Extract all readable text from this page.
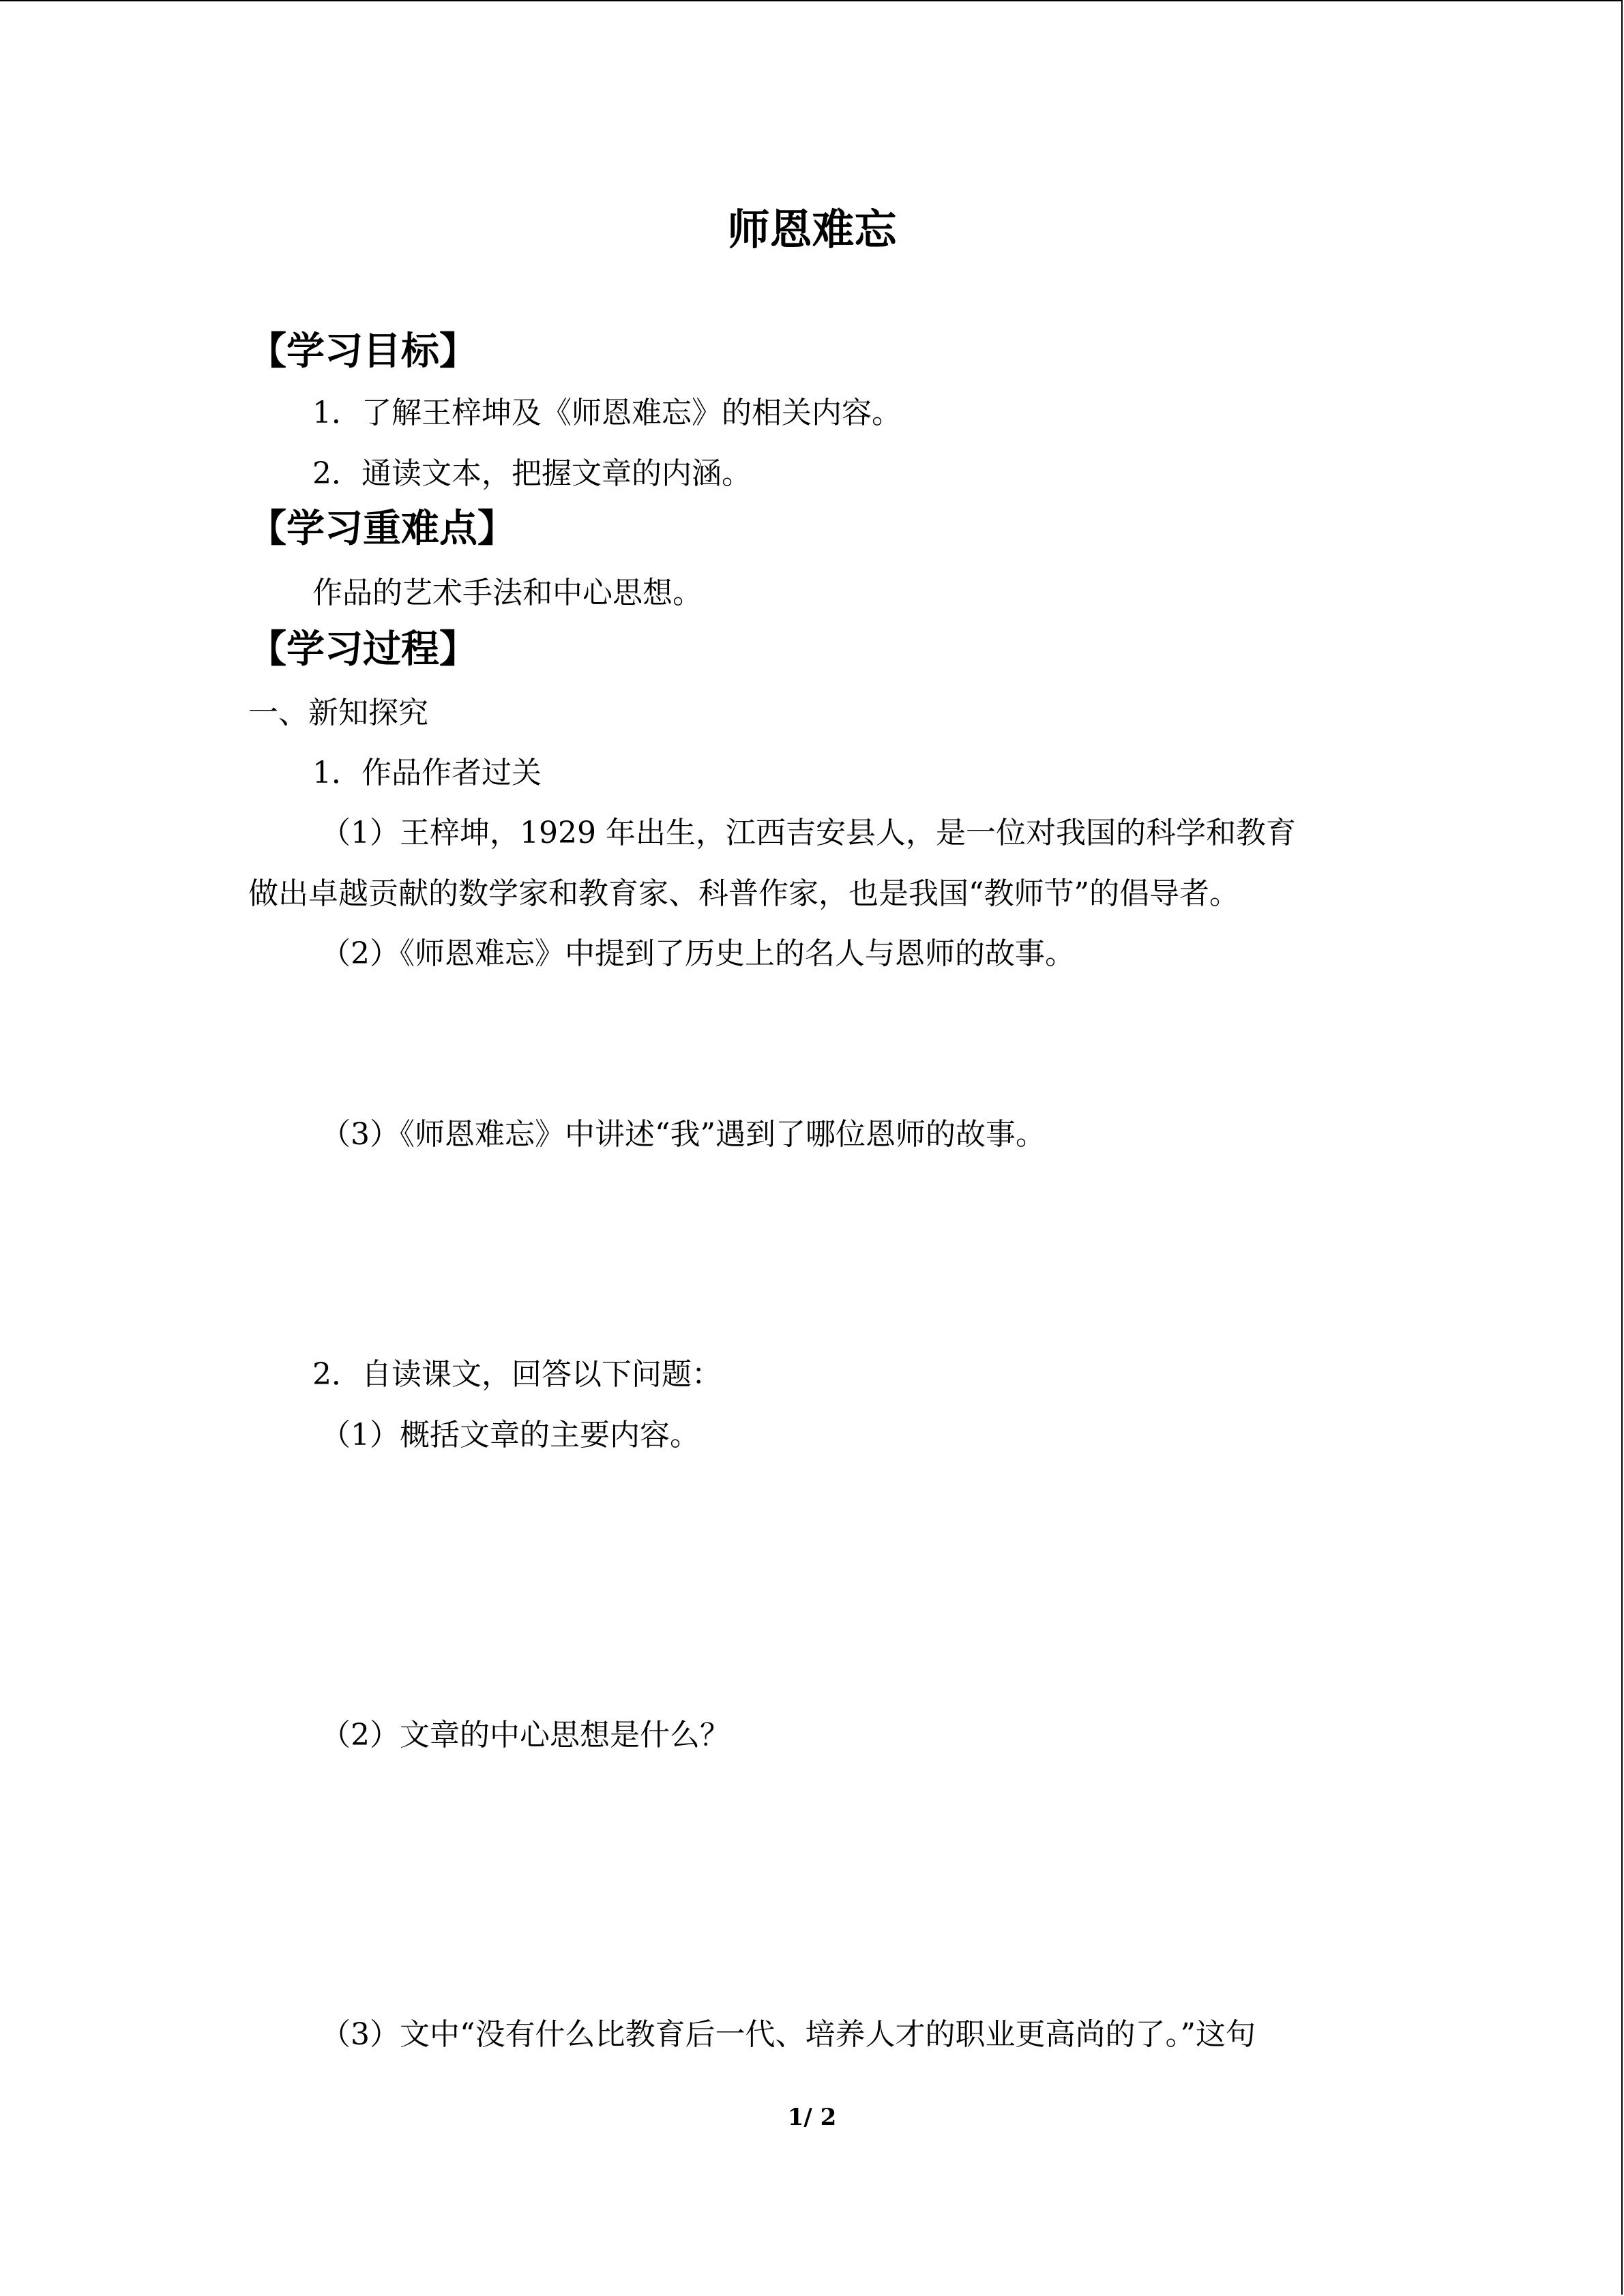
师恩难忘
【学习目标】
1．了解王梓坤及《师恩难忘》的相关内容。
2．通读文本，把握文章的内涵。
【学习重难点】
作品的艺术手法和中心思想。
【学习过程】
一、新知探究
1．作品作者过关
（1）王梓坤，1929 年出生，江西吉安县人，是一位对我国的科学和教育
做出卓越贡献的数学家和教育家、科普作家，也是我国“教师节”的倡导者。
（2）《师恩难忘》中提到了历史上的名人与恩师的故事。
（3）《师恩难忘》中讲述“我”遇到了哪位恩师的故事。
2．自读课文，回答以下问题：
（1）概括文章的主要内容。
（2）文章的中心思想是什么？
（3）文中“没有什么比教育后一代、培养人才的职业更高尚的了。”这句
1/ 2
